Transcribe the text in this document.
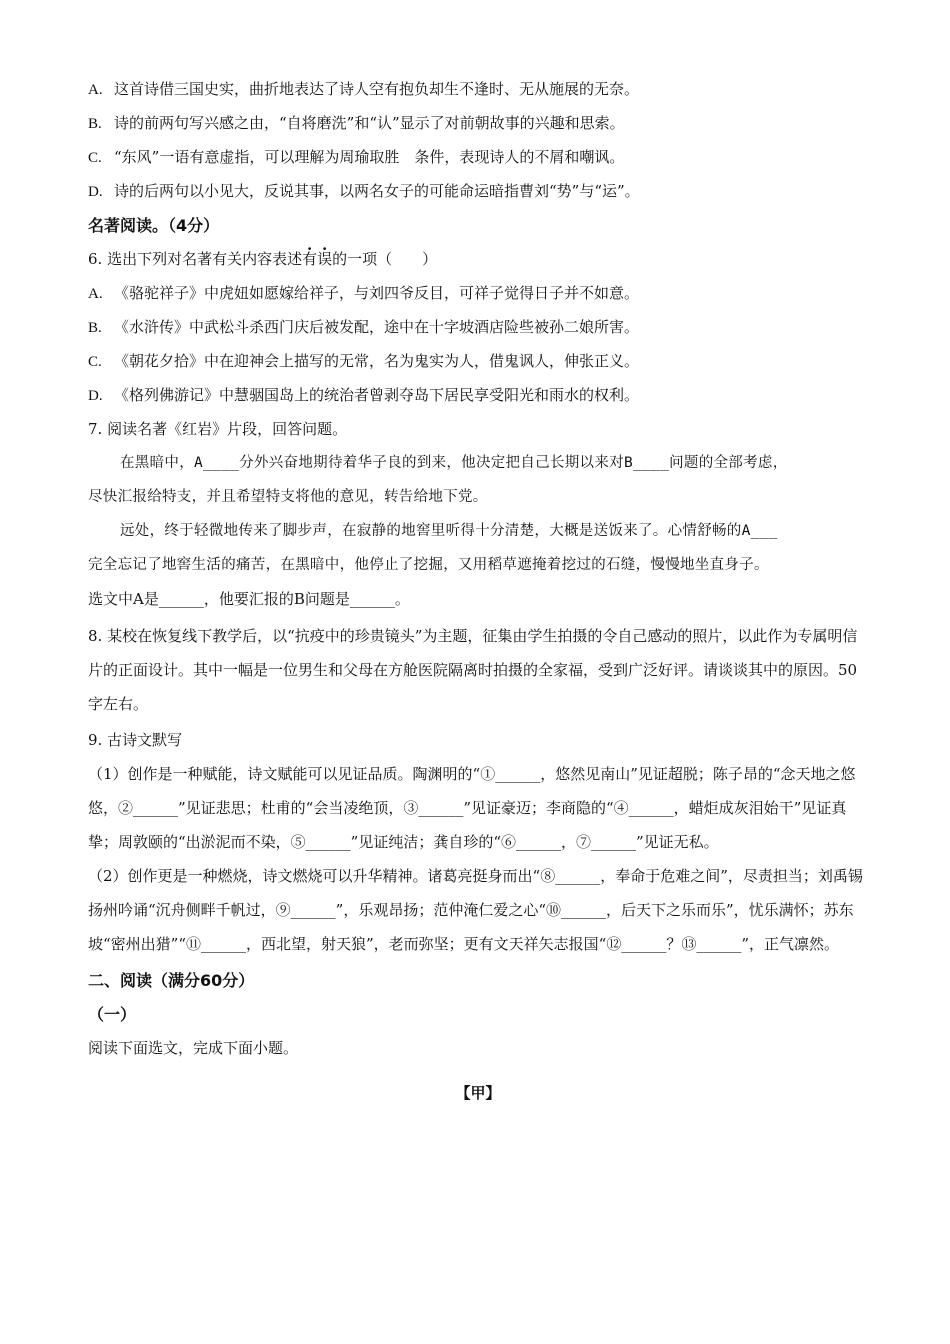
A. 这首诗借三国史实，曲折地表达了诗人空有抱负却生不逢时、无从施展的无奈。
B. 诗的前两句写兴感之由，“自将磨洗”和“认”显示了对前朝故事的兴趣和思索。
C. “东风”一语有意虚指，可以理解为周瑜取胜　条件，表现诗人的不屑和嘲讽。
D. 诗的后两句以小见大，反说其事，以两名女子的可能命运暗指曹刘“势”与“运”。
名著阅读。（4分）
6. 选出下列对名著有关内容表述有误的一项（　　）
A. 《骆驼祥子》中虎妞如愿嫁给祥子，与刘四爷反目，可祥子觉得日子并不如意。
B. 《水浒传》中武松斗杀西门庆后被发配，途中在十字坡酒店险些被孙二娘所害。
C. 《朝花夕拾》中在迎神会上描写的无常，名为鬼实为人，借鬼讽人，伸张正义。
D. 《格列佛游记》中慧骃国岛上的统治者曾剥夺岛下居民享受阳光和雨水的权利。
7. 阅读名著《红岩》片段，回答问题。
在黑暗中，A____分外兴奋地期待着华子良的到来，他决定把自己长期以来对B____问题的全部考虑，
尽快汇报给特支，并且希望特支将他的意见，转告给地下党。
远处，终于轻微地传来了脚步声，在寂静的地窖里听得十分清楚，大概是送饭来了。心情舒畅的A___
完全忘记了地窖生活的痛苦，在黑暗中，他停止了挖掘，又用稻草遮掩着挖过的石缝，慢慢地坐直身子。
选文中A是______，他要汇报的B问题是______。
8. 某校在恢复线下教学后，以“抗疫中的珍贵镜头”为主题，征集由学生拍摄的令自己感动的照片，以此作为专属明信片的正面设计。其中一幅是一位男生和父母在方舱医院隔离时拍摄的全家福，受到广泛好评。请谈谈其中的原因。50字左右。
9. 古诗文默写
（1）创作是一种赋能，诗文赋能可以见证品质。陶渊明的“①______，悠然见南山”见证超脱；陈子昂的“念天地之悠悠，②______”见证悲思；杜甫的“会当凌绝顶，③______”见证豪迈；李商隐的“④______，蜡炬成灰泪始干”见证真挚；周敦颐的“出淤泥而不染，⑤______”见证纯洁；龚自珍的“⑥______，⑦______”见证无私。
（2）创作更是一种燃烧，诗文燃烧可以升华精神。诸葛亮挺身而出“⑧______，奉命于危难之间”，尽责担当；刘禹锡扬州吟诵“沉舟侧畔千帆过，⑨______”，乐观昂扬；范仲淹仁爱之心“⑩______，后天下之乐而乐”，忧乐满怀；苏东坡“密州出猎”“⑪______，西北望，射天狼”，老而弥坚；更有文天祥矢志报国“⑫______？⑬______”，正气凛然。
二、阅读（满分60分）
（一）
阅读下面选文，完成下面小题。
【甲】
